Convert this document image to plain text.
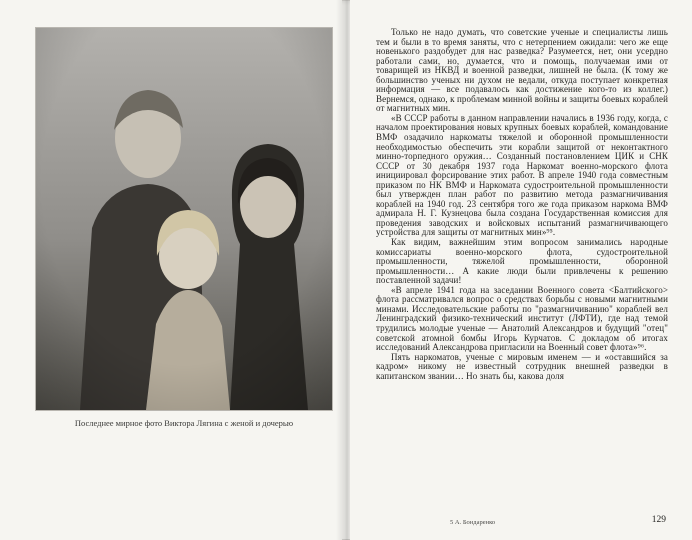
Последнее мирное фото Виктора Лягина с женой и дочерью

Только не надо думать, что советские ученые и специалисты лишь тем и были в то время заняты, что с нетерпением ожидали: чего же еще новенького раздобудет для нас разведка? Разумеется, нет, они усердно работали сами, но, думается, что и помощь, получаемая ими от товарищей из НКВД и военной разведки, лишней не была. (К тому же большинство ученых ни духом не ведали, откуда поступает конкретная информация — все подавалось как достижение кого-то из коллег.) Вернемся, однако, к проблемам минной войны и защиты боевых кораблей от магнитных мин.

«В СССР работы в данном направлении начались в 1936 году, когда, с началом проектирования новых крупных боевых кораблей, командование ВМФ озадачило наркоматы тяжелой и оборонной промышленности необходимостью обеспечить эти корабли защитой от неконтактного минно-торпедного оружия… Созданный постановлением ЦИК и СНК СССР от 30 декабря 1937 года Наркомат военно-морского флота инициировал форсирование этих работ. В апреле 1940 года совместным приказом по НК ВМФ и Наркомата судостроительной промышленности был утвержден план работ по развитию метода размагничивания кораблей на 1940 год. 23 сентября того же года приказом наркома ВМФ адмирала Н. Г. Кузнецова была создана Государственная комиссия для проведения заводских и войсковых испытаний размагничивающего устройства для защиты от магнитных мин»⁹⁵.

Как видим, важнейшим этим вопросом занимались народные комиссариаты военно-морского флота, судостроительной промышленности, тяжелой промышленности, оборонной промышленности… А какие люди были привлечены к решению поставленной задачи!

«В апреле 1941 года на заседании Военного совета <Балтийского> флота рассматривался вопрос о средствах борьбы с новыми магнитными минами. Исследовательские работы по "размагничиванию" кораблей вел Ленинградский физико-технический институт (ЛФТИ), где над темой трудились молодые ученые — Анатолий Александров и будущий "отец" советской атомной бомбы Игорь Курчатов. С докладом об итогах исследований Александрова пригласили на Военный совет флота»⁹⁶.

Пять наркоматов, ученые с мировым именем — и «оставшийся за кадром» никому не известный сотрудник внешней разведки в капитанском звании… Но знать бы, какова доля

5 А. Бондаренко	129
